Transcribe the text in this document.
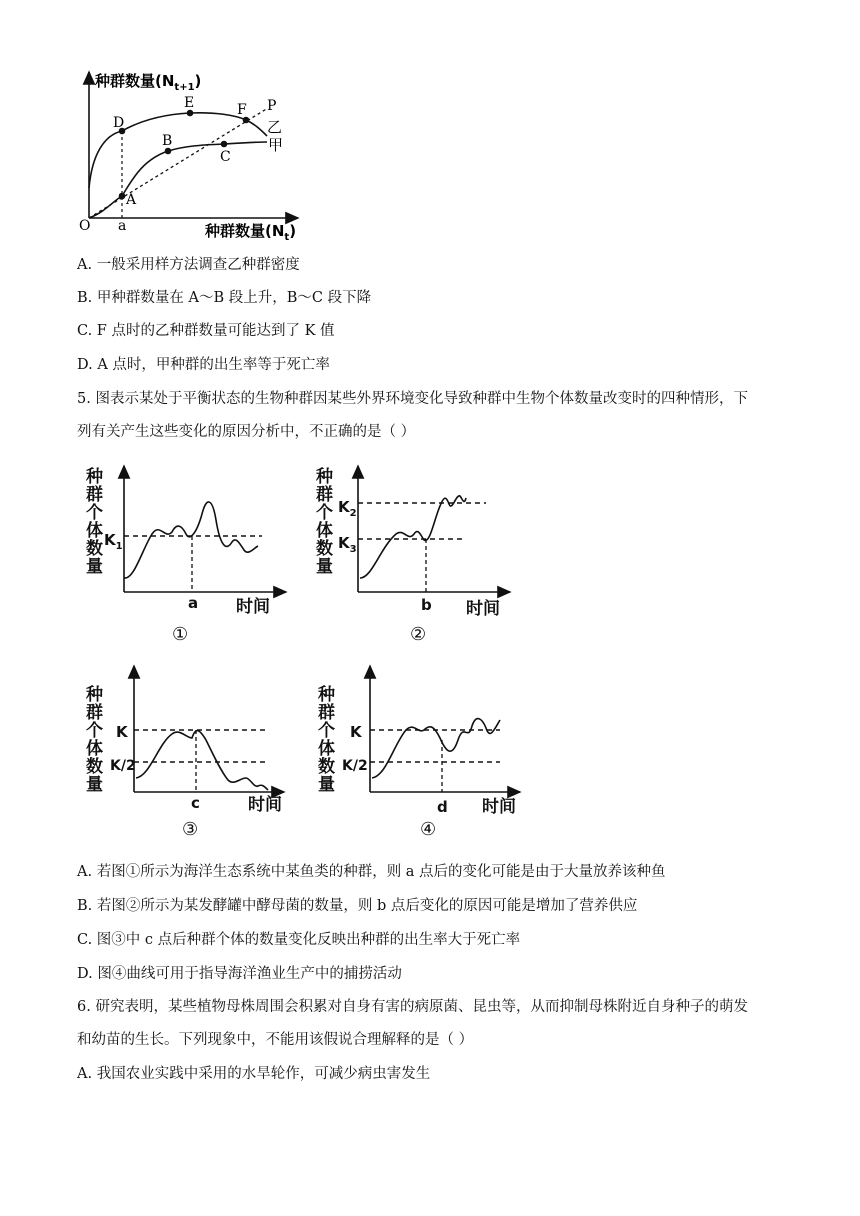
种群数量$(N_{t+1})$
种群数量$(N_t)$
O a
D
E	F P
B
C
A
乙
甲
A. 一般采用样方法调查乙种群密度
B. 甲种群数量在 A～B 段上升，B～C 段下降
C. F 点时的乙种群数量可能达到了 K 值
D. A 点时，甲种群的出生率等于死亡率
5. 图表示某处于平衡状态的生物种群因某些外界环境变化导致种群中生物个体数量改变时的四种情形，下
列有关产生这些变化的原因分析中，不正确的是（ ）
$K_1$
a 时间
①
种
群
个
体
数
量
$K_2$
$K_3$
b 时间
②
种
群
个
体
数
量
K
K/2
c	时间
③
种
群
个
体
数
量
K
K/2
d 时间
④
种
群
个
体
数
量
A. 若图①所示为海洋生态系统中某鱼类的种群，则 a 点后的变化可能是由于大量放养该种鱼
B. 若图②所示为某发酵罐中酵母菌的数量，则 b 点后变化的原因可能是增加了营养供应
C. 图③中 c 点后种群个体的数量变化反映出种群的出生率大于死亡率
D. 图④曲线可用于指导海洋渔业生产中的捕捞活动
6. 研究表明，某些植物母株周围会积累对自身有害的病原菌、昆虫等，从而抑制母株附近自身种子的萌发
和幼苗的生长。下列现象中，不能用该假说合理解释的是（ ）
A. 我国农业实践中采用的水旱轮作，可减少病虫害发生
